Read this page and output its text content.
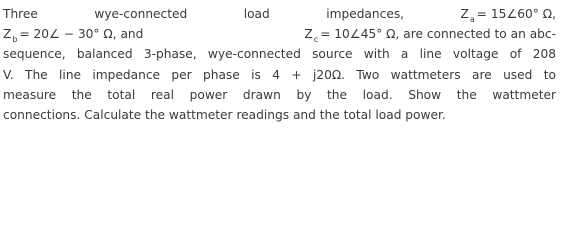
Three	wye-connected	load	impedances,	$Z_a$ = 15∠60° Ω,
$Z_b$ = 20∠ − 30° Ω, and	$Z_c$ = 10∠45° Ω, are connected to an abc-
sequence, balanced 3-phase, wye-connected source with a line voltage of 208
V. The line impedance per phase is 4 + j20Ω. Two wattmeters are used to
measure the total real power drawn by the load. Show the wattmeter
connections. Calculate the wattmeter readings and the total load power.
